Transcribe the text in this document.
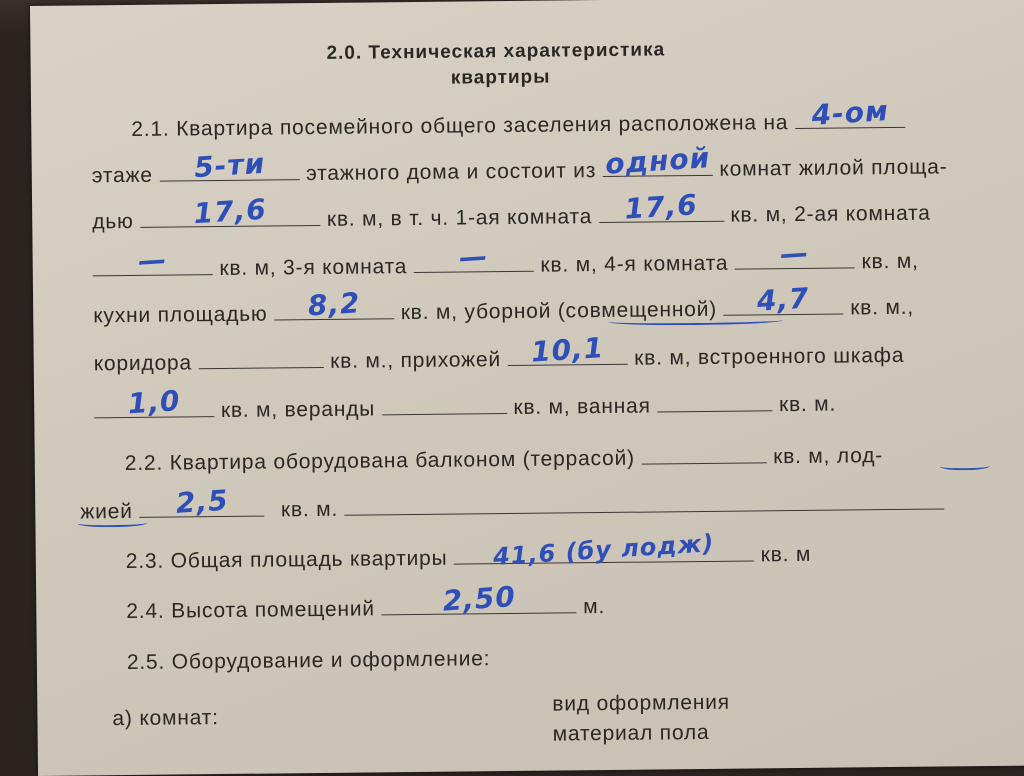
2.0. Техническая характеристика
квартиры
2.1. Квартира посемейного общего заселения расположена на 4-ом
этаже 5-ти этажного дома и состоит из одной комнат жилой площа-
дью 17,6	кв. м, в т. ч. 1-ая комната 17,6 кв. м, 2-ая комната
— кв. м, 3-я комната — кв. м, 4-я комната — кв. м,
кухни площадью 8,2 кв. м, уборной (совмещенной) 4,7 кв. м.,
коридора	кв. м., прихожей 10,1 кв. м, встроенного шкафа
1,0 кв. м, веранды	кв. м, ванная	кв. м.
2.2. Квартира оборудована балконом (террасой)	кв. м, лод-
жией 2,5 кв. м.
2.3. Общая площадь квартиры 41,6 (бу лодж) кв. м
2.4. Высота помещений 2,50	м.
2.5. Оборудование и оформление:
а) комнат:
вид оформления
материал пола
